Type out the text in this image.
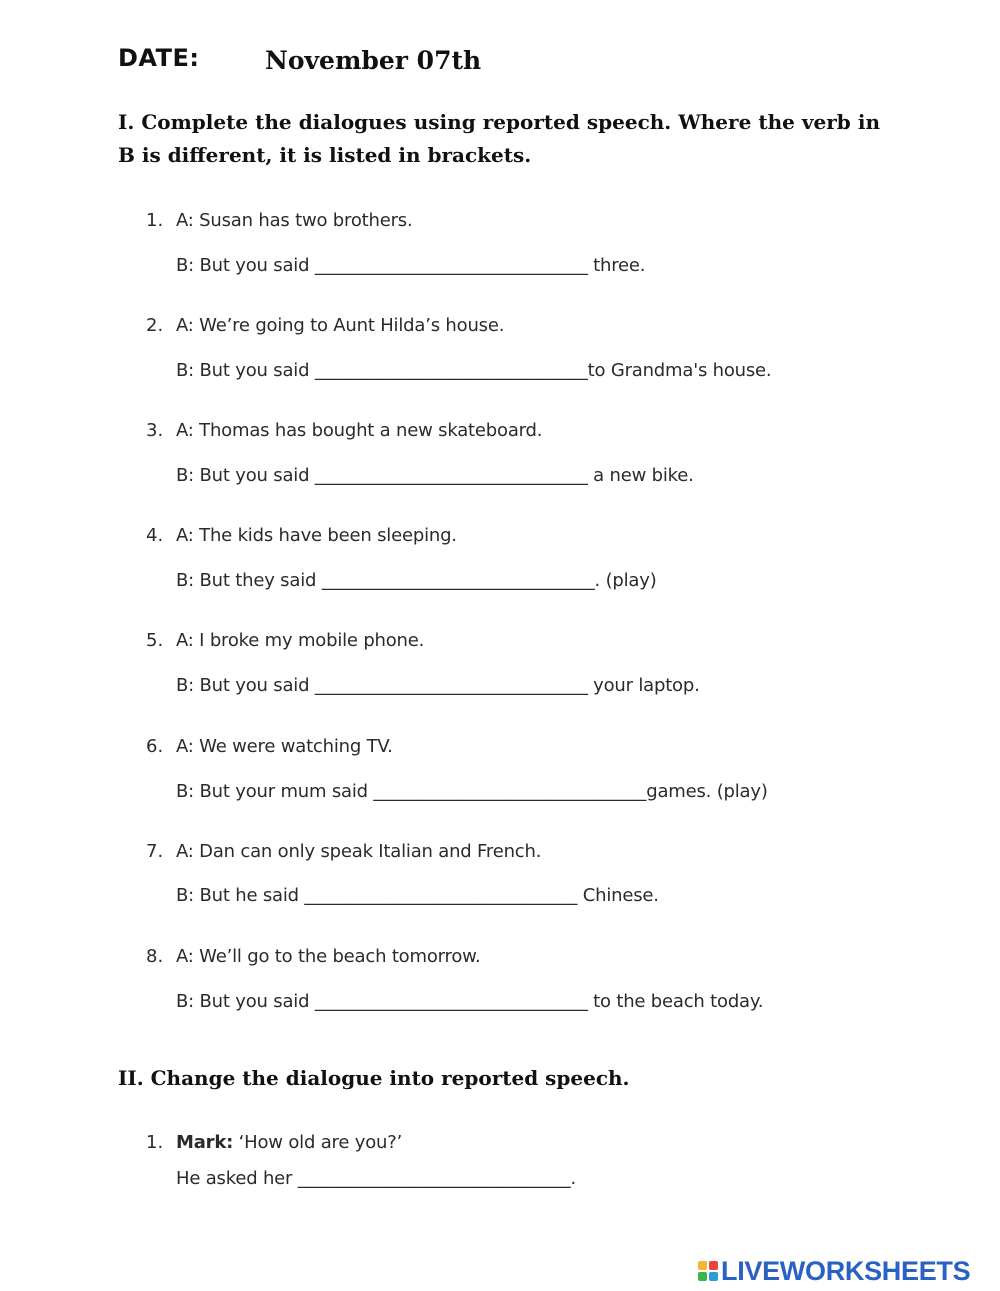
DATE:	November 07th
I. Complete the dialogues using reported speech. Where the verb in B is different, it is listed in brackets.
1. A: Susan has two brothers.
B: But you said _______________________________ three.
2. A: We’re going to Aunt Hilda’s house.
B: But you said _______________________________to Grandma's house.
3. A: Thomas has bought a new skateboard.
B: But you said _______________________________ a new bike.
4. A: The kids have been sleeping.
B: But they said _______________________________. (play)
5. A: I broke my mobile phone.
B: But you said _______________________________ your laptop.
6. A: We were watching TV.
B: But your mum said _______________________________games. (play)
7. A: Dan can only speak Italian and French.
B: But he said _______________________________ Chinese.
8. A: We’ll go to the beach tomorrow.
B: But you said _______________________________ to the beach today.
II. Change the dialogue into reported speech.
1. Mark: ‘How old are you?’
He asked her _______________________________.
LIVEWORKSHEETS
